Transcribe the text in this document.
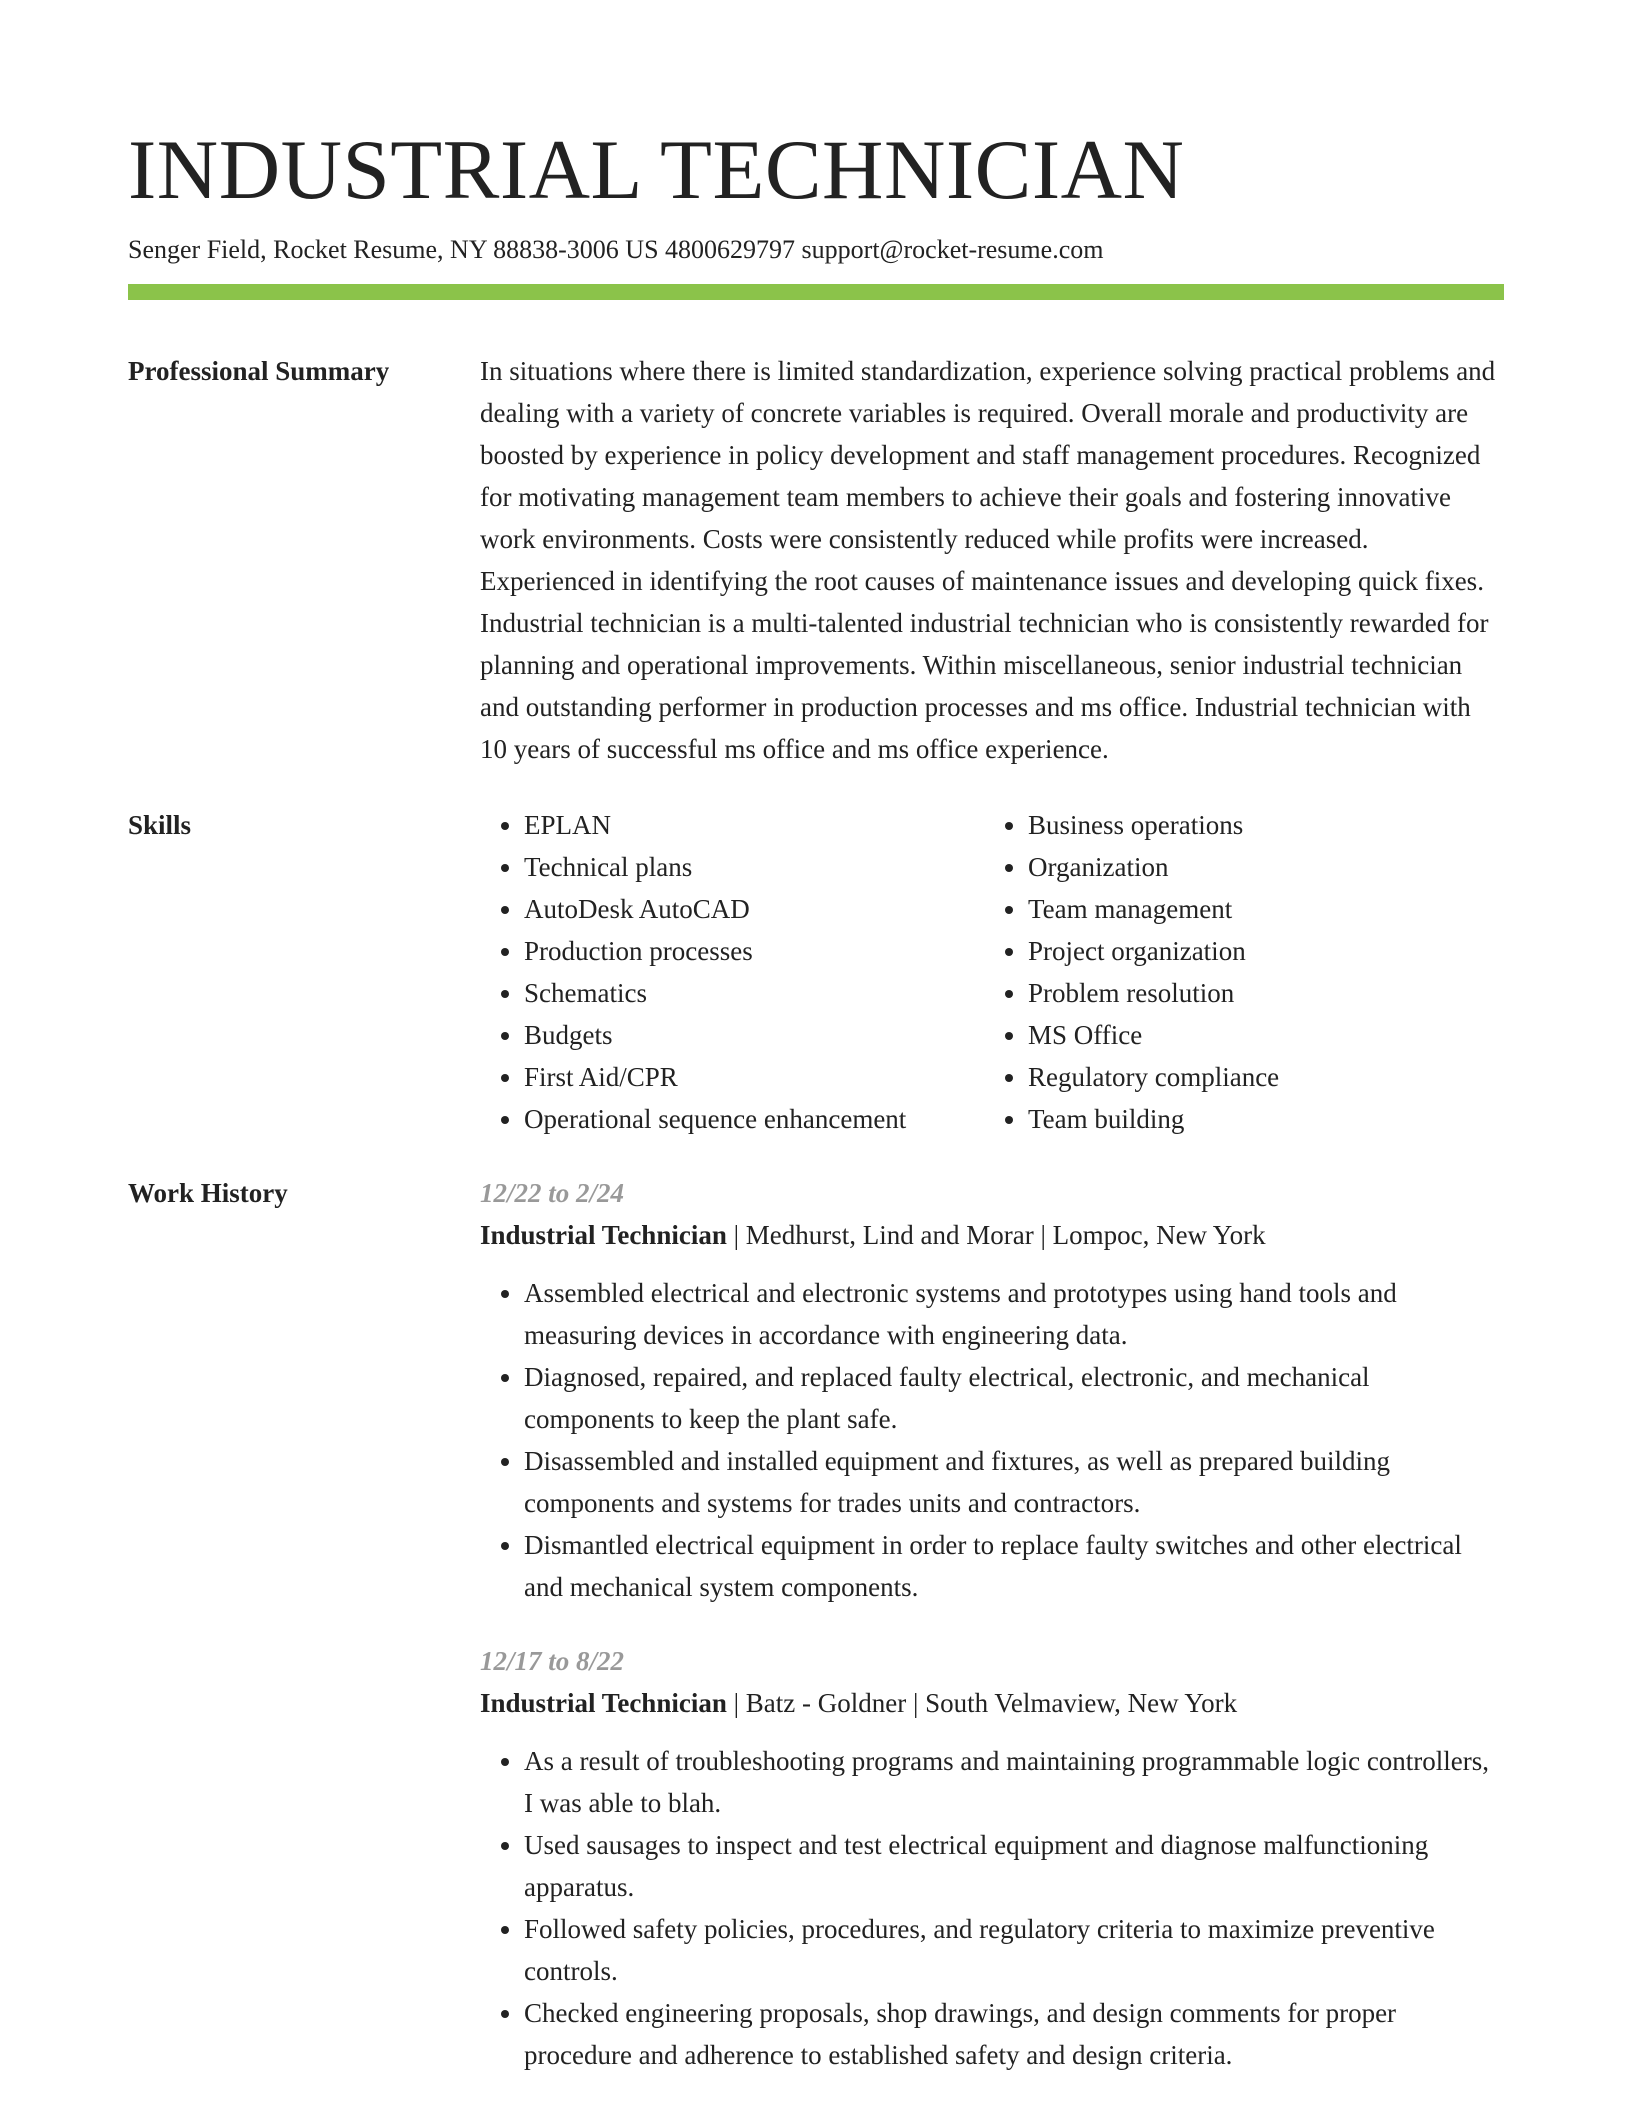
INDUSTRIAL TECHNICIAN
Senger Field, Rocket Resume, NY 88838-3006 US 4800629797 support@rocket-resume.com
Professional Summary	In situations where there is limited standardization, experience solving practical problems and dealing with a variety of concrete variables is required. Overall morale and productivity are boosted by experience in policy development and staff management procedures. Recognized for motivating management team members to achieve their goals and fostering innovative work environments. Costs were consistently reduced while profits were increased. Experienced in identifying the root causes of maintenance issues and developing quick fixes. Industrial technician is a multi-talented industrial technician who is consistently rewarded for planning and operational improvements. Within miscellaneous, senior industrial technician and outstanding performer in production processes and ms office. Industrial technician with 10 years of successful ms office and ms office experience.

Skills
•	EPLAN
• Technical plans
• AutoDesk AutoCAD
• Production processes
• Schematics
• Budgets
• First Aid/CPR
• Operational sequence enhancement
• Business operations
• Organization
• Team management
• Project organization
• Problem resolution
• MS Office
• Regulatory compliance
• Team building
Work History	12/22 to 2/24
Industrial Technician | Medhurst, Lind and Morar | Lompoc, New York
• Assembled electrical and electronic systems and prototypes using hand tools and measuring devices in accordance with engineering data.
• Diagnosed, repaired, and replaced faulty electrical, electronic, and mechanical components to keep the plant safe.
• Disassembled and installed equipment and fixtures, as well as prepared building components and systems for trades units and contractors.
• Dismantled electrical equipment in order to replace faulty switches and other electrical and mechanical system components.
12/17 to 8/22
Industrial Technician | Batz - Goldner | South Velmaview, New York
• As a result of troubleshooting programs and maintaining programmable logic controllers, I was able to blah.
• Used sausages to inspect and test electrical equipment and diagnose malfunctioning apparatus.
• Followed safety policies, procedures, and regulatory criteria to maximize preventive controls.
• Checked engineering proposals, shop drawings, and design comments for proper procedure and adherence to established safety and design criteria.
